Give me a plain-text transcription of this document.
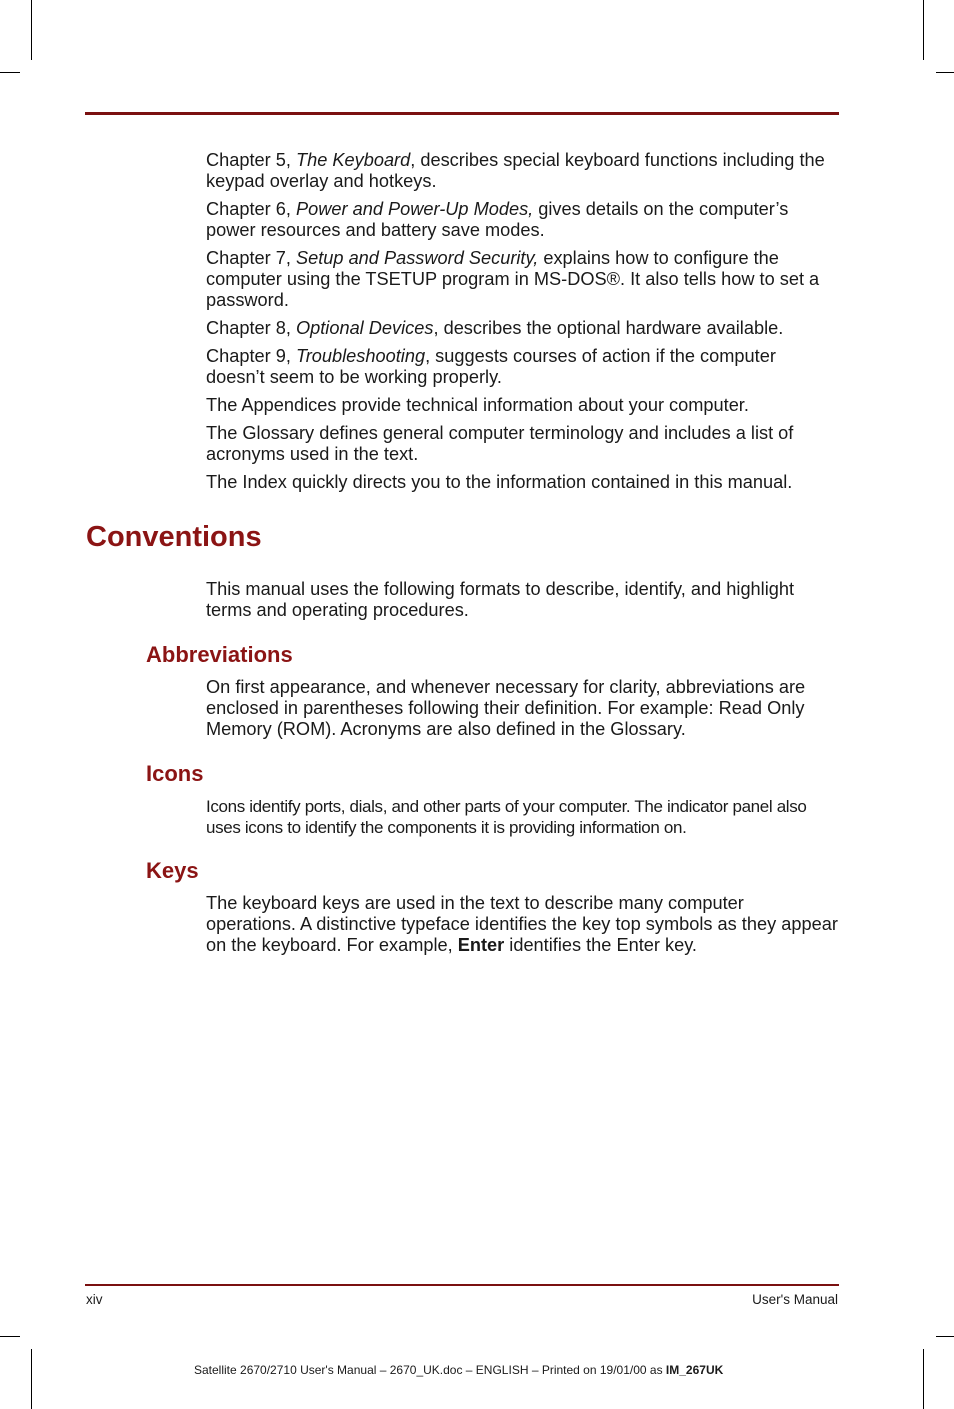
Chapter 5, The Keyboard, describes special keyboard functions including the keypad overlay and hotkeys.

Chapter 6, Power and Power-Up Modes, gives details on the computer’s power resources and battery save modes.

Chapter 7, Setup and Password Security, explains how to configure the computer using the TSETUP program in MS-DOS®. It also tells how to set a password.

Chapter 8, Optional Devices, describes the optional hardware available.

Chapter 9, Troubleshooting, suggests courses of action if the computer doesn’t seem to be working properly.

The Appendices provide technical information about your computer.

The Glossary defines general computer terminology and includes a list of acronyms used in the text.

The Index quickly directs you to the information contained in this manual.

Conventions

This manual uses the following formats to describe, identify, and highlight terms and operating procedures.

Abbreviations

On first appearance, and whenever necessary for clarity, abbreviations are enclosed in parentheses following their definition. For example: Read Only Memory (ROM). Acronyms are also defined in the Glossary.

Icons

Icons identify ports, dials, and other parts of your computer. The indicator panel also uses icons to identify the components it is providing information on.

Keys

The keyboard keys are used in the text to describe many computer operations. A distinctive typeface identifies the key top symbols as they appear on the keyboard. For example, Enter identifies the Enter key.

xiv	User's Manual
Satellite 2670/2710 User's Manual – 2670_UK.doc – ENGLISH – Printed on 19/01/00 as IM_267UK
